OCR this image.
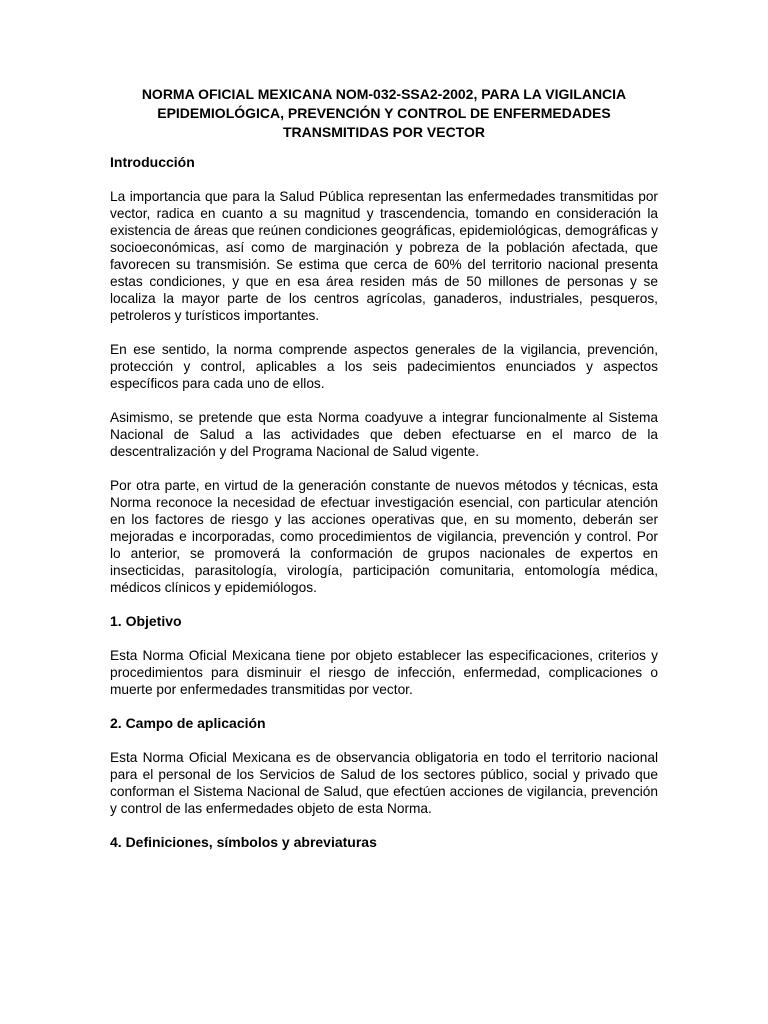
NORMA OFICIAL MEXICANA NOM-032-SSA2-2002, PARA LA VIGILANCIA
EPIDEMIOLÓGICA, PREVENCIÓN Y CONTROL DE ENFERMEDADES
TRANSMITIDAS POR VECTOR
Introducción

La importancia que para la Salud Pública representan las enfermedades transmitidas por vector, radica en cuanto a su magnitud y trascendencia, tomando en consideración la existencia de áreas que reúnen condiciones geográficas, epidemiológicas, demográficas y socioeconómicas, así como de marginación y pobreza de la población afectada, que favorecen su transmisión. Se estima que cerca de 60% del territorio nacional presenta estas condiciones, y que en esa área residen más de 50 millones de personas y se localiza la mayor parte de los centros agrícolas, ganaderos, industriales, pesqueros, petroleros y turísticos importantes.

En ese sentido, la norma comprende aspectos generales de la vigilancia, prevención, protección y control, aplicables a los seis padecimientos enunciados y aspectos específicos para cada uno de ellos.

Asimismo, se pretende que esta Norma coadyuve a integrar funcionalmente al Sistema Nacional de Salud a las actividades que deben efectuarse en el marco de la descentralización y del Programa Nacional de Salud vigente.

Por otra parte, en virtud de la generación constante de nuevos métodos y técnicas, esta Norma reconoce la necesidad de efectuar investigación esencial, con particular atención en los factores de riesgo y las acciones operativas que, en su momento, deberán ser mejoradas e incorporadas, como procedimientos de vigilancia, prevención y control. Por lo anterior, se promoverá la conformación de grupos nacionales de expertos en insecticidas, parasitología, virología, participación comunitaria, entomología médica, médicos clínicos y epidemiólogos.

1. Objetivo

Esta Norma Oficial Mexicana tiene por objeto establecer las especificaciones, criterios y procedimientos para disminuir el riesgo de infección, enfermedad, complicaciones o muerte por enfermedades transmitidas por vector.

2. Campo de aplicación

Esta Norma Oficial Mexicana es de observancia obligatoria en todo el territorio nacional para el personal de los Servicios de Salud de los sectores público, social y privado que conforman el Sistema Nacional de Salud, que efectúen acciones de vigilancia, prevención y control de las enfermedades objeto de esta Norma.

4. Definiciones, símbolos y abreviaturas
